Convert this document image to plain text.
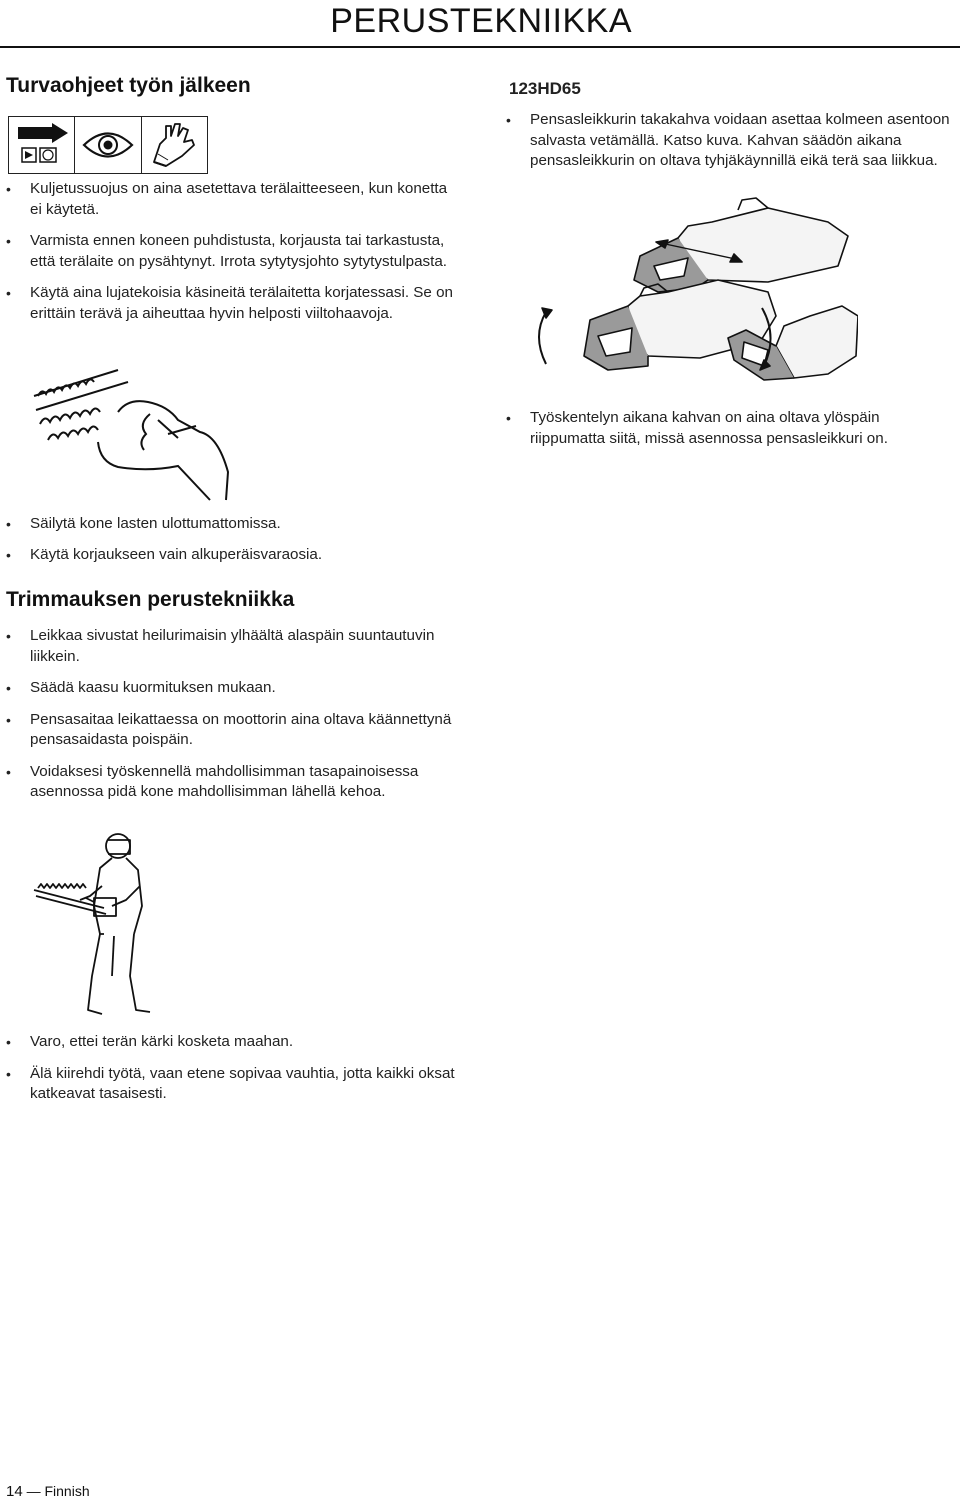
PERUSTEKNIIKKA
Turvaohjeet työn jälkeen
• Kuljetussuojus on aina asetettava terälaitteeseen, kun konetta ei käytetä.
• Varmista ennen koneen puhdistusta, korjausta tai tarkastusta, että terälaite on pysähtynyt. Irrota sytytysjohto sytytystulpasta.
• Käytä aina lujatekoisia käsineitä terälaitetta korjatessasi. Se on erittäin terävä ja aiheuttaa hyvin helposti viiltohaavoja.
• Säilytä kone lasten ulottumattomissa.
• Käytä korjaukseen vain alkuperäisvaraosia.
Trimmauksen perustekniikka
• Leikkaa sivustat heilurimaisin ylhäältä alaspäin suuntautuvin liikkein.
• Säädä kaasu kuormituksen mukaan.
• Pensasaitaa leikattaessa on moottorin aina oltava käännettynä pensasaidasta poispäin.
• Voidaksesi työskennellä mahdollisimman tasapainoisessa asennossa pidä kone mahdollisimman lähellä kehoa.
• Varo, ettei terän kärki kosketa maahan.
• Älä kiirehdi työtä, vaan etene sopivaa vauhtia, jotta kaikki oksat katkeavat tasaisesti.
123HD65
• Pensasleikkurin takakahva voidaan asettaa kolmeen asentoon salvasta vetämällä. Katso kuva. Kahvan säädön aikana pensasleikkurin on oltava tyhjäkäynnillä eikä terä saa liikkua.
• Työskentelyn aikana kahvan on aina oltava ylöspäin riippumatta siitä, missä asennossa pensasleikkuri on.
14 — Finnish
